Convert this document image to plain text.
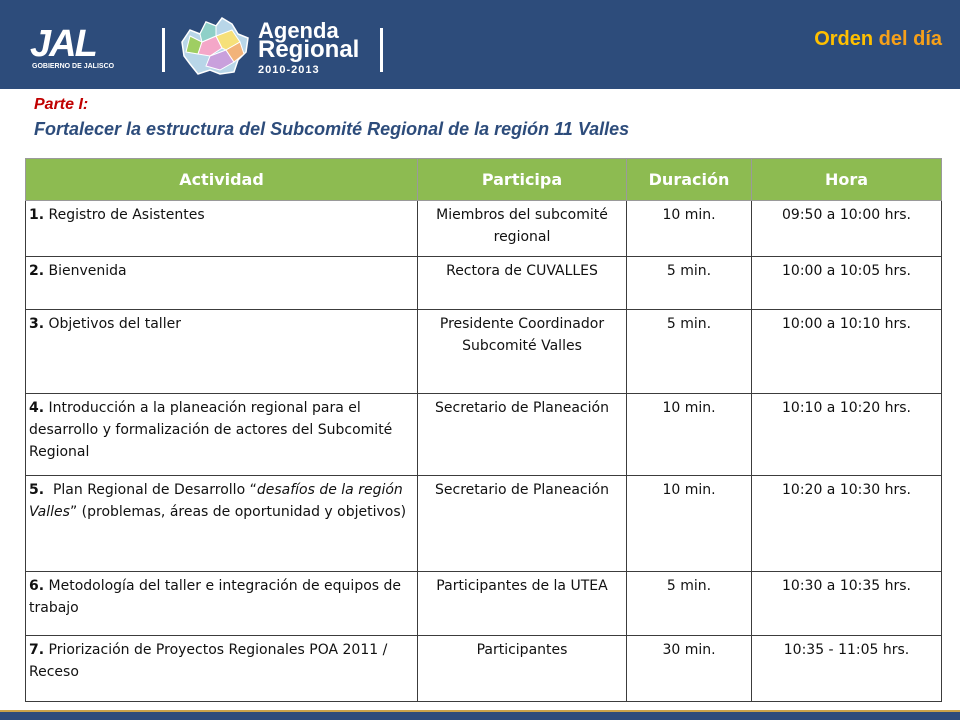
JAL
GOBIERNO DE JALISCO
Agenda
Regional
2010-2013
Orden del día
Parte I:
Fortalecer la estructura del Subcomité Regional de la región 11 Valles
Actividad	Participa	Duración	Hora
1. Registro de Asistentes	Miembros del subcomité regional	10 min.	09:50 a 10:00 hrs.
2. Bienvenida	Rectora de CUVALLES	5 min.	10:00 a 10:05 hrs.
3. Objetivos del taller	Presidente Coordinador Subcomité Valles	5 min.	10:00 a 10:10 hrs.
4. Introducción a la planeación regional para el desarrollo y formalización de actores del Subcomité Regional	Secretario de Planeación	10 min.	10:10 a 10:20 hrs.
5.  Plan Regional de Desarrollo “desafíos de la región Valles” (problemas, áreas de oportunidad y objetivos)	Secretario de Planeación	10 min.	10:20 a 10:30 hrs.
6. Metodología del taller e integración de equipos de trabajo	Participantes de la UTEA	5 min.	10:30 a 10:35 hrs.
7. Priorización de Proyectos Regionales POA 2011 / Receso	Participantes	30 min.	10:35 - 11:05 hrs.
